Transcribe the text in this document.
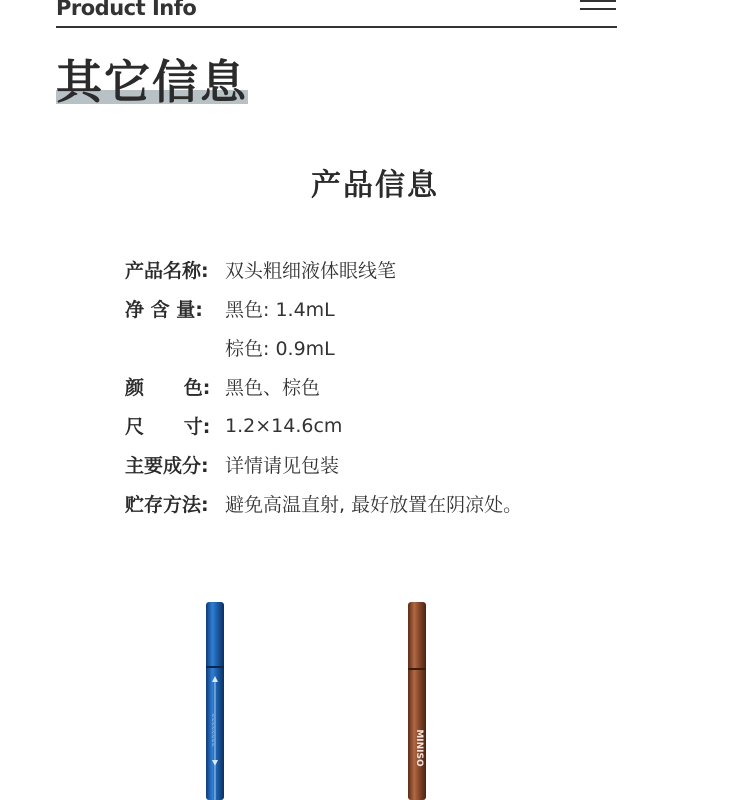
Product Info
其它信息
产品信息
产品名称: 双头粗细液体眼线笔
净 含 量:	黑色: 1.4mL
棕色: 0.9mL
颜      色: 黑色、棕色
尺      寸: 1.2×14.6cm
主要成分: 详情请见包装
贮存方法: 避免高温直射, 最好放置在阴凉处。
~~~~~~~~	MINISO
